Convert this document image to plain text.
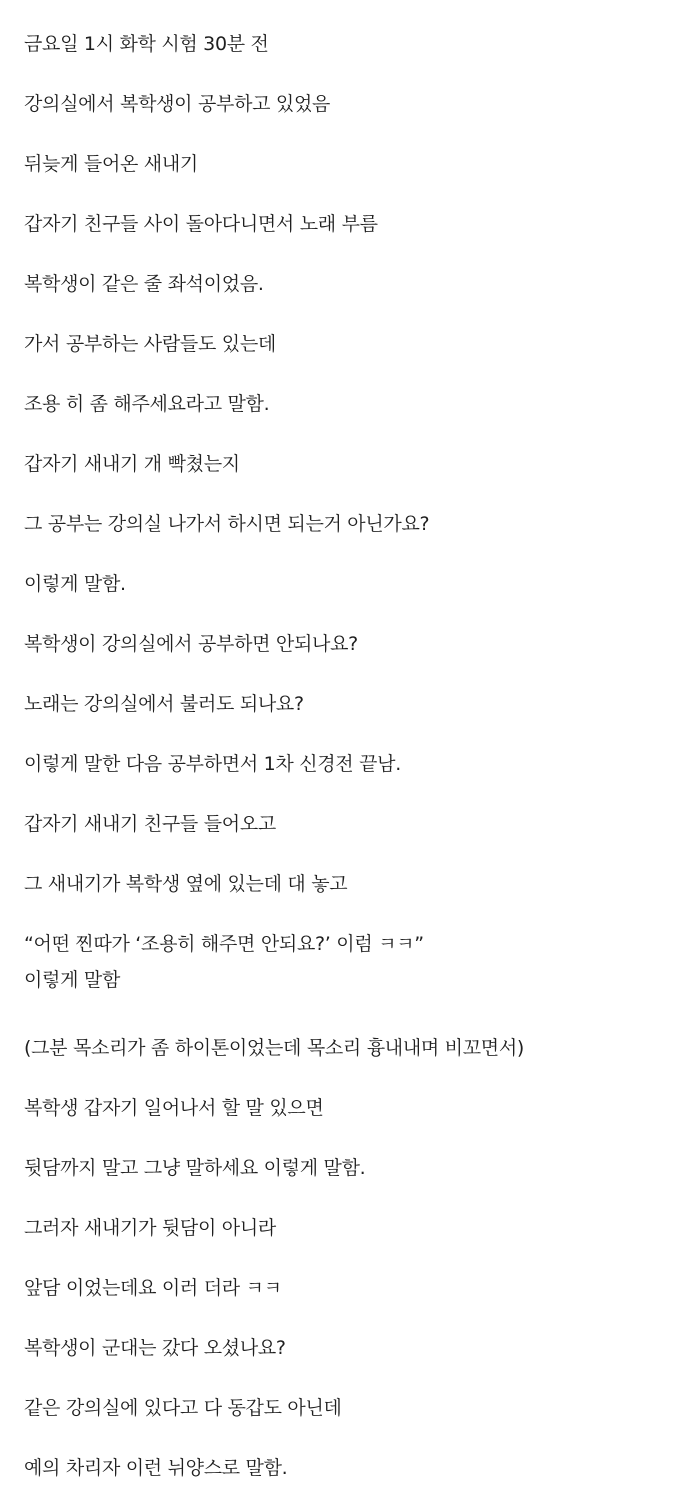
금요일 1시 화학 시험 30분 전

강의실에서 복학생이 공부하고 있었음

뒤늦게 들어온 새내기

갑자기 친구들 사이 돌아다니면서 노래 부름

복학생이 같은 줄 좌석이었음.

가서 공부하는 사람들도 있는데

조용 히 좀 해주세요라고 말함.

갑자기 새내기 개 빡쳤는지

그 공부는 강의실 나가서 하시면 되는거 아닌가요?

이렇게 말함.

복학생이 강의실에서 공부하면 안되나요?

노래는 강의실에서 불러도 되나요?

이렇게 말한 다음 공부하면서 1차 신경전 끝남.

갑자기 새내기 친구들 들어오고

그 새내기가 복학생 옆에 있는데 대 놓고

“어떤 찐따가 ‘조용히 해주면 안되요?’ 이럼 ㅋㅋ”
이렇게 말함

(그분 목소리가 좀 하이톤이었는데 목소리 흉내내며 비꼬면서)

복학생 갑자기 일어나서 할 말 있으면

뒷담까지 말고 그냥 말하세요 이렇게 말함.

그러자 새내기가 뒷담이 아니라

앞담 이었는데요 이러 더라 ㅋㅋ

복학생이 군대는 갔다 오셨나요?

같은 강의실에 있다고 다 동갑도 아닌데

예의 차리자 이런 뉘양스로 말함.
